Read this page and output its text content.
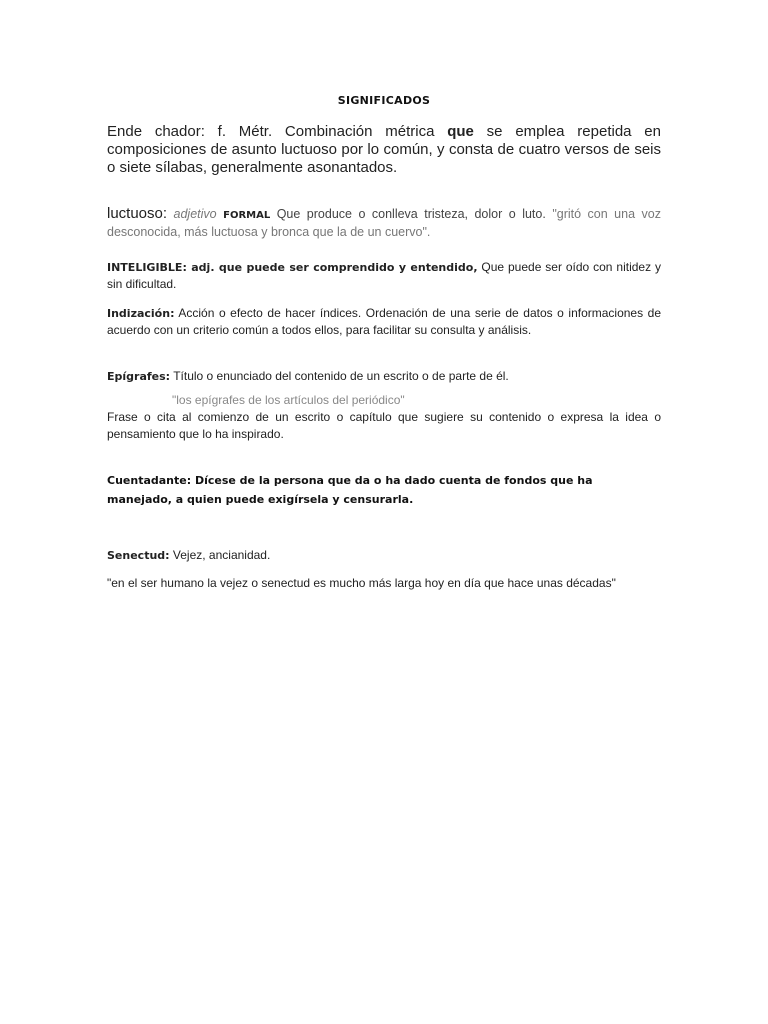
SIGNIFICADOS
Ende chador: f. Métr. Combinación métrica que se emplea repetida en composiciones de asunto luctuoso por lo común, y consta de cuatro versos de seis o siete sílabas, generalmente asonantados.
luctuoso: adjetivo FORMAL Que produce o conlleva tristeza, dolor o luto. "gritó con una voz desconocida, más luctuosa y bronca que la de un cuervo".
INTELIGIBLE: adj. que puede ser comprendido y entendido, Que puede ser oído con nitidez y sin dificultad.
Indización: Acción o efecto de hacer índices. Ordenación de una serie de datos o informaciones de acuerdo con un criterio común a todos ellos, para facilitar su consulta y análisis.
Epígrafes: Título o enunciado del contenido de un escrito o de parte de él.
"los epígrafes de los artículos del periódico"
Frase o cita al comienzo de un escrito o capítulo que sugiere su contenido o expresa la idea o pensamiento que lo ha inspirado.
Cuentadante: Dícese de la persona que da o ha dado cuenta de fondos que ha manejado, a quien puede exigírsela y censurarla.
Senectud: Vejez, ancianidad.
"en el ser humano la vejez o senectud es mucho más larga hoy en día que hace unas décadas"
